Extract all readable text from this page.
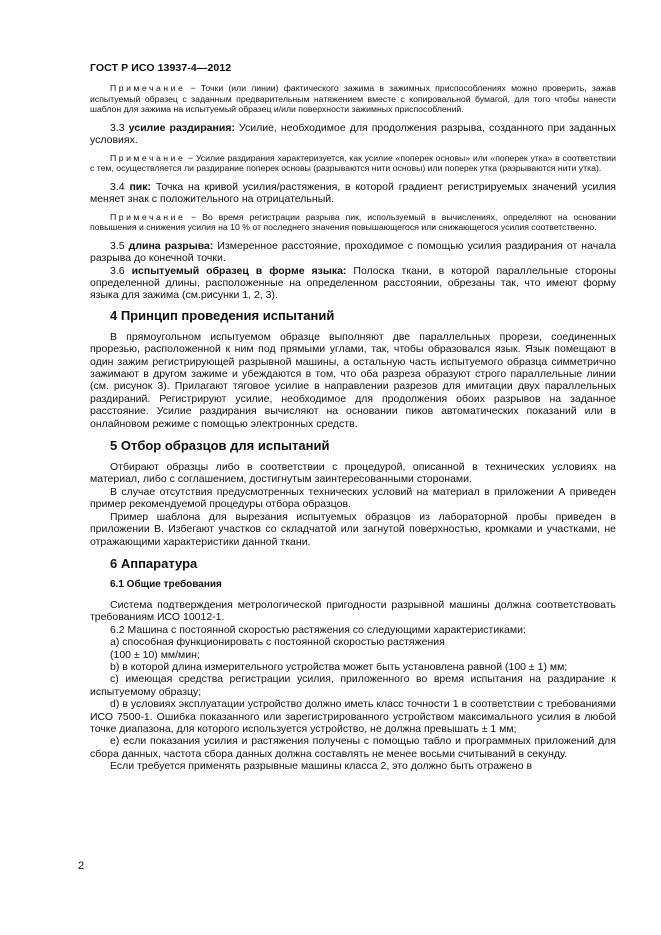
ГОСТ Р ИСО 13937-4—2012

Примечание − Точки (или линии) фактического зажима в зажимных приспособлениях можно проверить, зажав испытуемый образец с заданным предварительным натяжением вместе с копировальной бумагой, для того чтобы нанести шаблон для зажима на испытуемый образец и/или поверхности зажимных приспособлений.

3.3 усилие раздирания: Усилие, необходимое для продолжения разрыва, созданного при заданных условиях.

Примечание − Усилие раздирания характеризуется, как усилие «поперек основы» или «поперек утка» в соответствии с тем, осуществляется ли раздирание поперек основы (разрываются нити основы) или поперек утка (разрываются нити утка).

3.4 пик: Точка на кривой усилия/растяжения, в которой градиент регистрируемых значений усилия меняет знак с положительного на отрицательный.

Примечание − Во время регистрации разрыва пик, используемый в вычислениях, определяют на основании повышения и снижения усилия на 10 % от последнего значения повышающегося или снижающегося усилия соответственно.

3.5 длина разрыва: Измеренное расстояние, проходимое с помощью усилия раздирания от начала разрыва до конечной точки.

3.6 испытуемый образец в форме языка: Полоска ткани, в которой параллельные стороны определенной длины, расположенные на определенном расстоянии, обрезаны так, что имеют форму языка для зажима (см.рисунки 1, 2, 3).

4 Принцип проведения испытаний

В прямоугольном испытуемом образце выполняют две параллельных прорези, соединенных прорезью, расположенной к ним под прямыми углами, так, чтобы образовался язык. Язык помещают в один зажим регистрирующей разрывной машины, а остальную часть испытуемого образца симметрично зажимают в другом зажиме и убеждаются в том, что оба разреза образуют строго параллельные линии (см. рисунок 3). Прилагают тяговое усилие в направлении разрезов для имитации двух параллельных раздираний. Регистрируют усилие, необходимое для продолжения обоих разрывов на заданное расстояние. Усилие раздирания вычисляют на основании пиков автоматических показаний или в онлайновом режиме с помощью электронных средств.

5 Отбор образцов для испытаний

Отбирают образцы либо в соответствии с процедурой, описанной в технических условиях на материал, либо с соглашением, достигнутым заинтересованными сторонами.

В случае отсутствия предусмотренных технических условий на материал в приложении А приведен пример рекомендуемой процедуры отбора образцов.

Пример шаблона для вырезания испытуемых образцов из лабораторной пробы приведен в приложении В. Избегают участков со складчатой или загнутой поверхностью, кромками и участками, не отражающими характеристики данной ткани.

6 Аппаратура
6.1 Общие требования

Система подтверждения метрологической пригодности разрывной машины должна соответствовать требованиям ИСО 10012-1.

6.2 Машина с постоянной скоростью растяжения со следующими характеристиками:

a) способная функционировать с постоянной скоростью растяжения

(100 ± 10) мм/мин;

b) в которой длина измерительного устройства может быть установлена равной (100 ± 1) мм;

c) имеющая средства регистрации усилия, приложенного во время испытания на раздирание к испытуемому образцу;

d) в условиях эксплуатации устройство должно иметь класс точности 1 в соответствии с требованиями ИСО 7500-1. Ошибка показанного или зарегистрированного устройством максимального усилия в любой точке диапазона, для которого используется устройство, не должна превышать ± 1 мм;

e) если показания усилия и растяжения получены с помощью табло и программных приложений для сбора данных, частота сбора данных должна составлять не менее восьми считываний в секунду.

Если требуется применять разрывные машины класса 2, это должно быть отражено в

2
